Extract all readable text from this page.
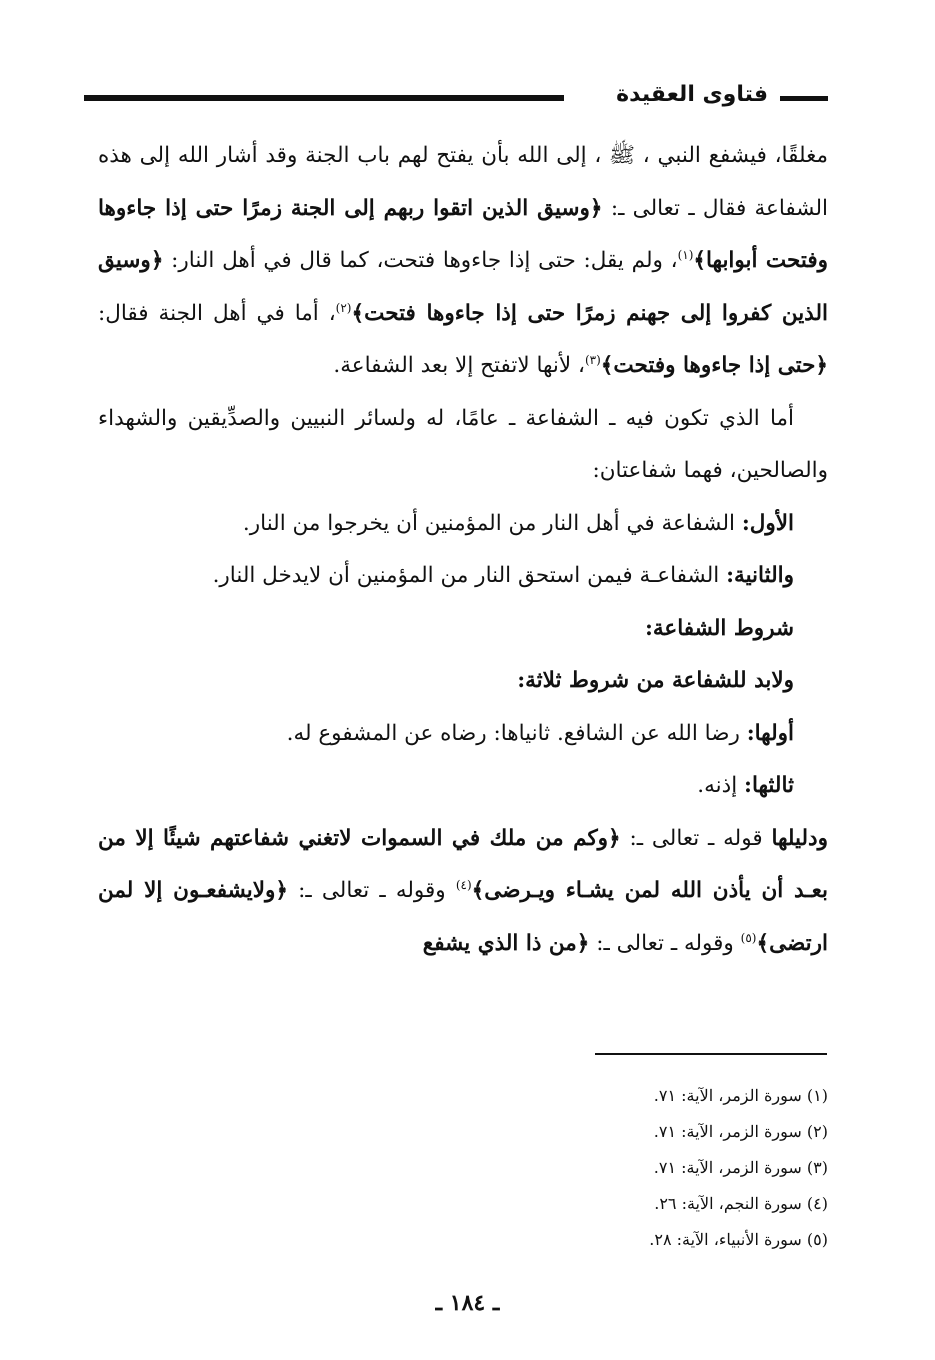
فتاوى العقيدة

مغلقًا، فيشفع النبي ، ﷺ ، إلى الله بأن يفتح لهم باب الجنة وقد أشار الله إلى هذه الشفاعة فقال ـ تعالى ـ: ﴿وسيق الذين اتقوا ربهم إلى الجنة زمرًا حتى إذا جاءوها وفتحت أبوابها﴾$^{(١)}$، ولم يقل: حتى إذا جاءوها فتحت، كما قال في أهل النار: ﴿وسيق الذين كفروا إلى جهنم زمرًا حتى إذا جاءوها فتحت﴾$^{(٢)}$، أما في أهل الجنة فقال: ﴿حتى إذا جاءوها وفتحت﴾$^{(٣)}$، لأنها لاتفتح إلا بعد الشفاعة.

أما الذي تكون فيه ـ الشفاعة ـ عامًا، له ولسائر النبيين والصدِّيقين والشهداء والصالحين، فهما شفاعتان:

الأول: الشفاعة في أهل النار من المؤمنين أن يخرجوا من النار.

والثانية: الشفاعـة فيمن استحق النار من المؤمنين أن لايدخل النار.

شروط الشفاعة:

ولابد للشفاعة من شروط ثلاثة:

أولها: رضا الله عن الشافع. ثانياها: رضاه عن المشفوع له.

ثالثها: إذنه.

ودليلها قوله ـ تعالى ـ: ﴿وكم من ملك في السموات لاتغني شفاعتهم شيئًا إلا من بعـد أن يأذن الله لمن يشـاء ويـرضى﴾$^{(٤)}$ وقوله ـ تعالى ـ: ﴿ولايشفعـون إلا لمن ارتضى﴾$^{(٥)}$ وقوله ـ تعالى ـ: ﴿من ذا الذي يشفع

(١) سورة الزمر، الآية: ٧١.

(٢) سورة الزمر، الآية: ٧١.

(٣) سورة الزمر، الآية: ٧١.

(٤) سورة النجم، الآية: ٢٦.

(٥) سورة الأنبياء، الآية: ٢٨.

ـ ١٨٤ ـ
